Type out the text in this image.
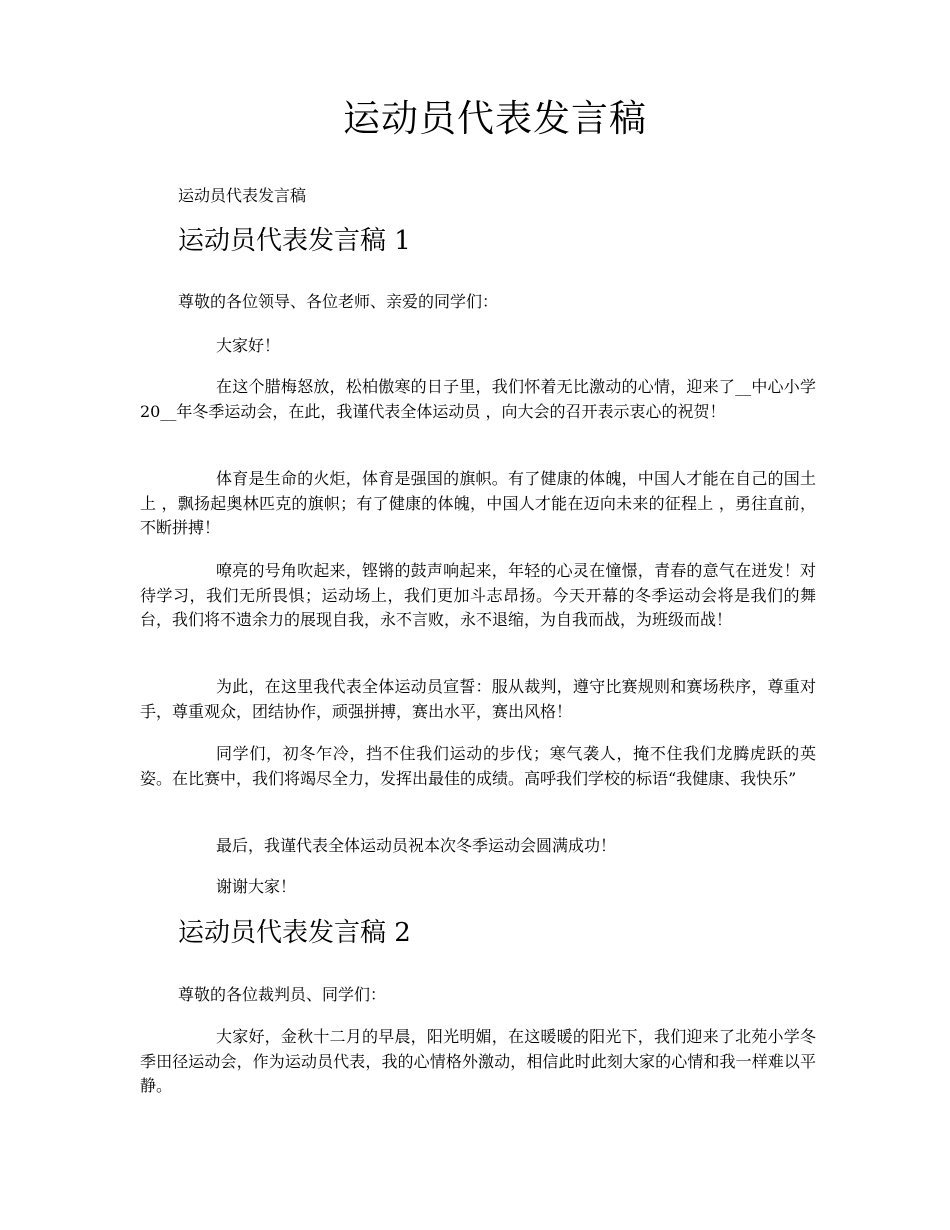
运动员代表发言稿

运动员代表发言稿

运动员代表发言稿 1

尊敬的各位领导、各位老师、亲爱的同学们：

大家好！

在这个腊梅怒放，松柏傲寒的日子里，我们怀着无比激动的心情，迎来了__中心小学 20__年冬季运动会，在此，我谨代表全体运动员 ，向大会的召开表示衷心的祝贺！

体育是生命的火炬，体育是强国的旗帜。有了健康的体魄，中国人才能在自己的国土上 ，飘扬起奥林匹克的旗帜；有了健康的体魄，中国人才能在迈向未来的征程上 ，勇往直前，不断拼搏！

嘹亮的号角吹起来，铿锵的鼓声响起来，年轻的心灵在憧憬，青春的意气在迸发！对待学习，我们无所畏惧；运动场上，我们更加斗志昂扬。今天开幕的冬季运动会将是我们的舞台，我们将不遗余力的展现自我，永不言败，永不退缩，为自我而战，为班级而战！

为此，在这里我代表全体运动员宣誓：服从裁判，遵守比赛规则和赛场秩序，尊重对手，尊重观众，团结协作，顽强拼搏，赛出水平，赛出风格！

同学们，初冬乍冷，挡不住我们运动的步伐；寒气袭人，掩不住我们龙腾虎跃的英姿。在比赛中，我们将竭尽全力，发挥出最佳的成绩。高呼我们学校的标语“我健康、我快乐”

最后，我谨代表全体运动员祝本次冬季运动会圆满成功！

谢谢大家！

运动员代表发言稿 2

尊敬的各位裁判员、同学们：

大家好，金秋十二月的早晨，阳光明媚，在这暖暖的阳光下，我们迎来了北苑小学冬季田径运动会，作为运动员代表，我的心情格外激动，相信此时此刻大家的心情和我一样难以平静。
